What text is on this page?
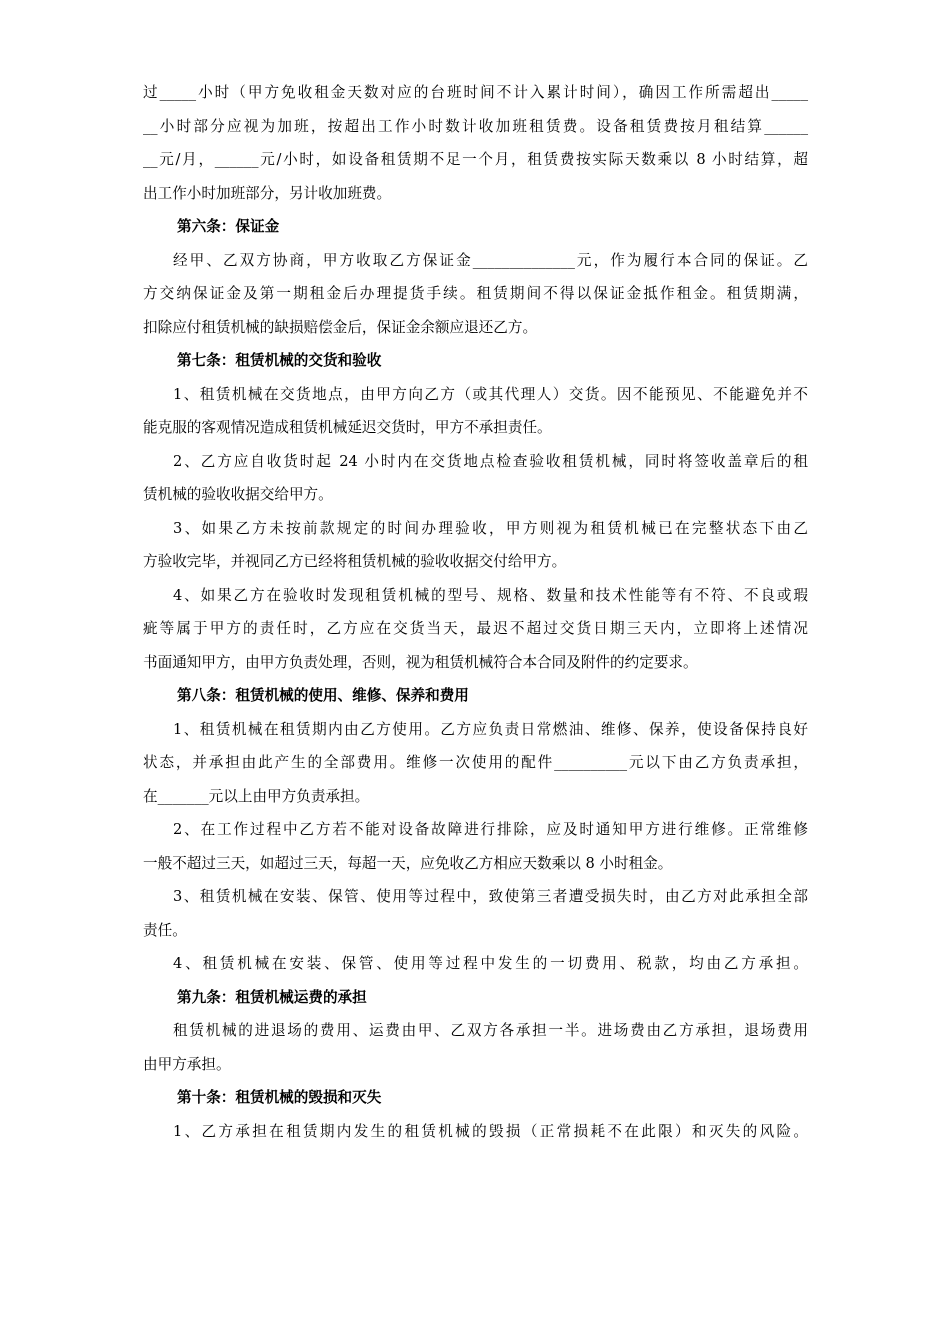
过_____小时（甲方免收租金天数对应的台班时间不计入累计时间），确因工作所需超出_____
__小时部分应视为加班，按超出工作小时数计收加班租赁费。设备租赁费按月租结算______
__元/月，______元/小时，如设备租赁期不足一个月，租赁费按实际天数乘以 8 小时结算，超
出工作小时加班部分，另计收加班费。
第六条：保证金
经甲、乙双方协商，甲方收取乙方保证金______________元，作为履行本合同的保证。乙
方交纳保证金及第一期租金后办理提货手续。租赁期间不得以保证金抵作租金。租赁期满，
扣除应付租赁机械的缺损赔偿金后，保证金余额应退还乙方。
第七条：租赁机械的交货和验收
1、租赁机械在交货地点，由甲方向乙方（或其代理人）交货。因不能预见、不能避免并不
能克服的客观情况造成租赁机械延迟交货时，甲方不承担责任。
2、乙方应自收货时起 24 小时内在交货地点检查验收租赁机械，同时将签收盖章后的租
赁机械的验收收据交给甲方。
3、如果乙方未按前款规定的时间办理验收，甲方则视为租赁机械已在完整状态下由乙
方验收完毕，并视同乙方已经将租赁机械的验收收据交付给甲方。
4、如果乙方在验收时发现租赁机械的型号、规格、数量和技术性能等有不符、不良或瑕
疵等属于甲方的责任时，乙方应在交货当天，最迟不超过交货日期三天内，立即将上述情况
书面通知甲方，由甲方负责处理，否则，视为租赁机械符合本合同及附件的约定要求。
第八条：租赁机械的使用、维修、保养和费用
1、租赁机械在租赁期内由乙方使用。乙方应负责日常燃油、维修、保养，使设备保持良好
状态，并承担由此产生的全部费用。维修一次使用的配件__________元以下由乙方负责承担，
在_______元以上由甲方负责承担。
2、在工作过程中乙方若不能对设备故障进行排除，应及时通知甲方进行维修。正常维修
一般不超过三天，如超过三天，每超一天，应免收乙方相应天数乘以 8 小时租金。
3、租赁机械在安装、保管、使用等过程中，致使第三者遭受损失时，由乙方对此承担全部
责任。
4、租赁机械在安装、保管、使用等过程中发生的一切费用、税款，均由乙方承担。
第九条：租赁机械运费的承担
租赁机械的进退场的费用、运费由甲、乙双方各承担一半。进场费由乙方承担，退场费用
由甲方承担。
第十条：租赁机械的毁损和灭失
1、乙方承担在租赁期内发生的租赁机械的毁损（正常损耗不在此限）和灭失的风险。
